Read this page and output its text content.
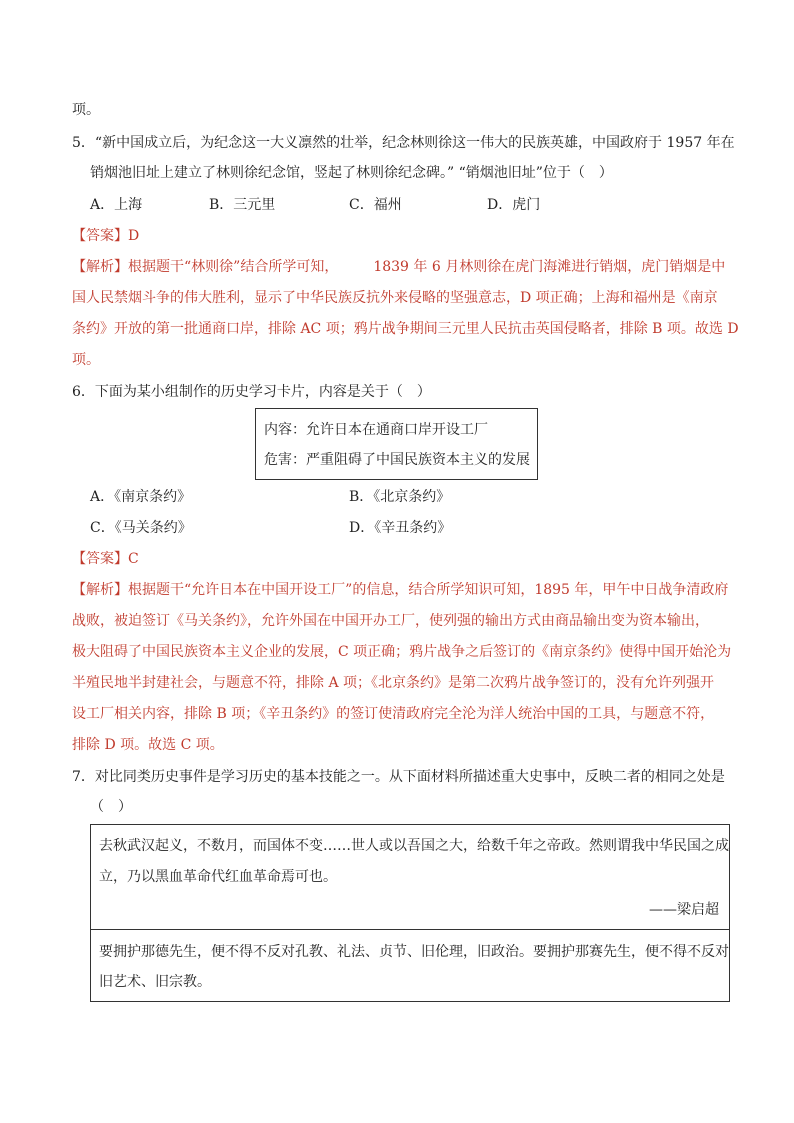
项。
5．“新中国成立后，为纪念这一大义凛然的壮举，纪念林则徐这一伟大的民族英雄，中国政府于 1957 年在
销烟池旧址上建立了林则徐纪念馆，竖起了林则徐纪念碑。” “销烟池旧址”位于（　）
A．上海	B．三元里	C．福州	D．虎门
【答案】D
【解析】根据题干“林则徐”结合所学可知，　　　1839 年 6 月林则徐在虎门海滩进行销烟，虎门销烟是中
国人民禁烟斗争的伟大胜利，显示了中华民族反抗外来侵略的坚强意志，D 项正确；上海和福州是《南京
条约》开放的第一批通商口岸，排除 AC 项；鸦片战争期间三元里人民抗击英国侵略者，排除 B 项。故选 D
项。
6．下面为某小组制作的历史学习卡片，内容是关于（　）
内容：允许日本在通商口岸开设工厂
危害：严重阻碍了中国民族资本主义的发展
A．《南京条约》	B．《北京条约》
C．《马关条约》	D．《辛丑条约》
【答案】C
【解析】根据题干“允许日本在中国开设工厂”的信息，结合所学知识可知，1895 年，甲午中日战争清政府
战败，被迫签订《马关条约》，允许外国在中国开办工厂，使列强的输出方式由商品输出变为资本输出，
极大阻碍了中国民族资本主义企业的发展，C 项正确；鸦片战争之后签订的《南京条约》使得中国开始沦为
半殖民地半封建社会，与题意不符，排除 A 项；《北京条约》是第二次鸦片战争签订的，没有允许列强开
设工厂相关内容，排除 B 项；《辛丑条约》的签订使清政府完全沦为洋人统治中国的工具，与题意不符，
排除 D 项。故选 C 项。
7．对比同类历史事件是学习历史的基本技能之一。从下面材料所描述重大史事中，反映二者的相同之处是
（　）
去秋武汉起义，不数月，而国体不变……世人或以吾国之大，给数千年之帝政。然则谓我中华民国之成
立，乃以黑血革命代红血革命焉可也。
——梁启超
要拥护那德先生，便不得不反对孔教、礼法、贞节、旧伦理，旧政治。要拥护那赛先生，便不得不反对
旧艺术、旧宗教。
